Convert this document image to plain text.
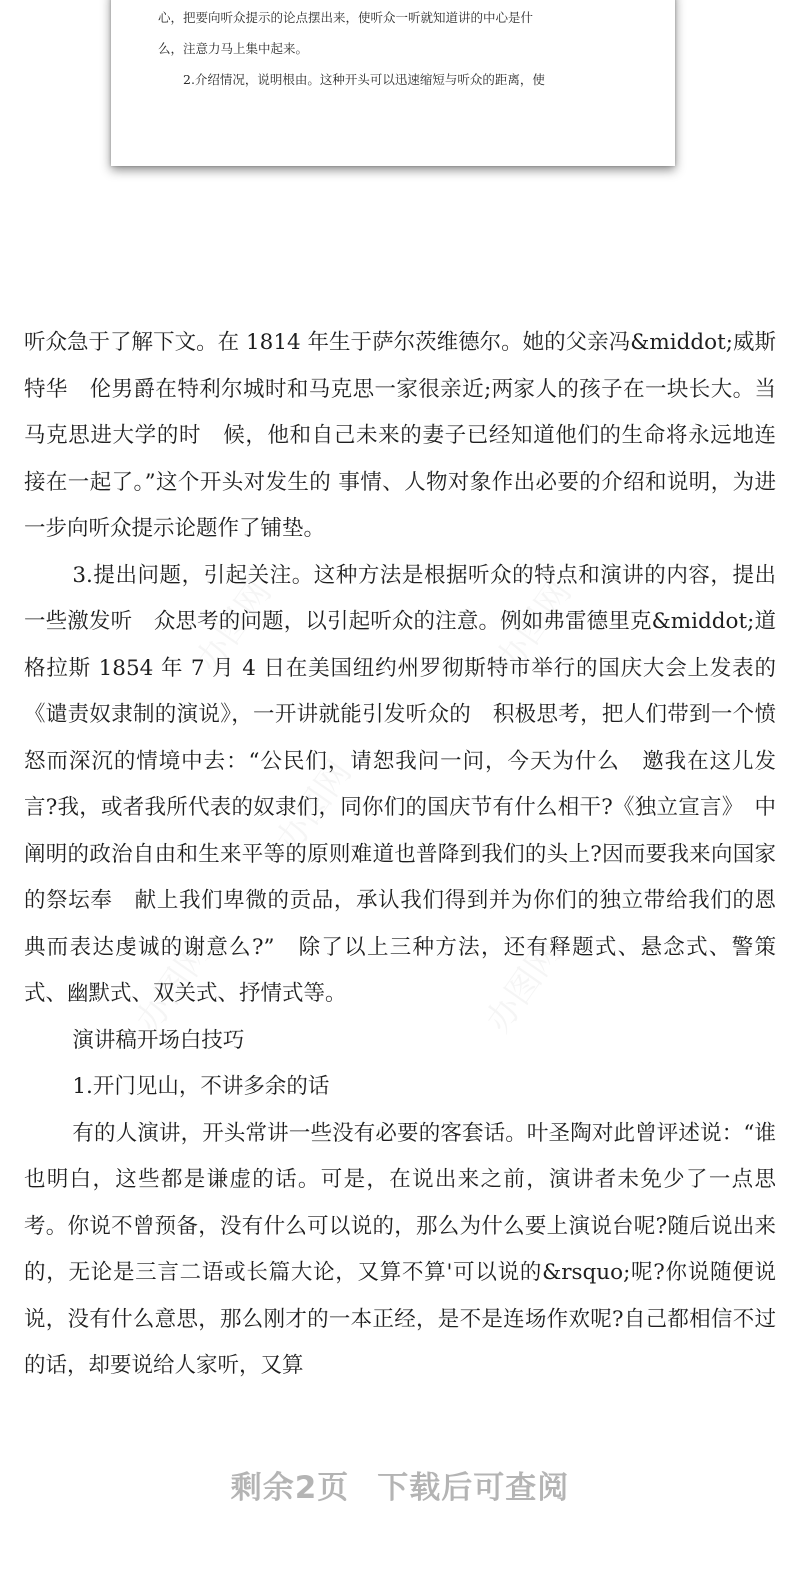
心，把要向听众提示的论点摆出来，使听众一听就知道讲的中心是什

么，注意力马上集中起来。

2.介绍情况，说明根由。这种开头可以迅速缩短与听众的距离，使

办图网	办图网
办图网
办图网
办图网

听众急于了解下文。在 1814 年生于萨尔茨维德尔。她的父亲冯&middot;威斯特华　伦男爵在特利尔城时和马克思一家很亲近;两家人的孩子在一块长大。当马克思进大学的时　候，他和自己未来的妻子已经知道他们的生命将永远地连接在一起了。”这个开头对发生的 事情、人物对象作出必要的介绍和说明，为进一步向听众提示论题作了铺垫。

3.提出问题，引起关注。这种方法是根据听众的特点和演讲的内容，提出一些激发听　众思考的问题，以引起听众的注意。例如弗雷德里克&middot;道格拉斯 1854 年 7 月 4 日在美国纽约州罗彻斯特市举行的国庆大会上发表的《谴责奴隶制的演说》，一开讲就能引发听众的　积极思考，把人们带到一个愤怒而深沉的情境中去：“公民们，请恕我问一问，今天为什么　邀我在这儿发言?我，或者我所代表的奴隶们，同你们的国庆节有什么相干?《独立宣言》　中阐明的政治自由和生来平等的原则难道也普降到我们的头上?因而要我来向国家的祭坛奉　献上我们卑微的贡品，承认我们得到并为你们的独立带给我们的恩典而表达虔诚的谢意么?”　除了以上三种方法，还有释题式、悬念式、警策式、幽默式、双关式、抒情式等。

演讲稿开场白技巧

1.开门见山，不讲多余的话

有的人演讲，开头常讲一些没有必要的客套话。叶圣陶对此曾评述说：“谁也明白，这些都是谦虚的话。可是，在说出来之前，演讲者未免少了一点思考。你说不曾预备，没有什么可以说的，那么为什么要上演说台呢?随后说出来的，无论是三言二语或长篇大论，又算不算'可以说的&rsquo;呢?你说随便说说，没有什么意思，那么刚才的一本正经，是不是连场作欢呢?自己都相信不过的话，却要说给人家听，又算

剩余2页 下载后可查阅
